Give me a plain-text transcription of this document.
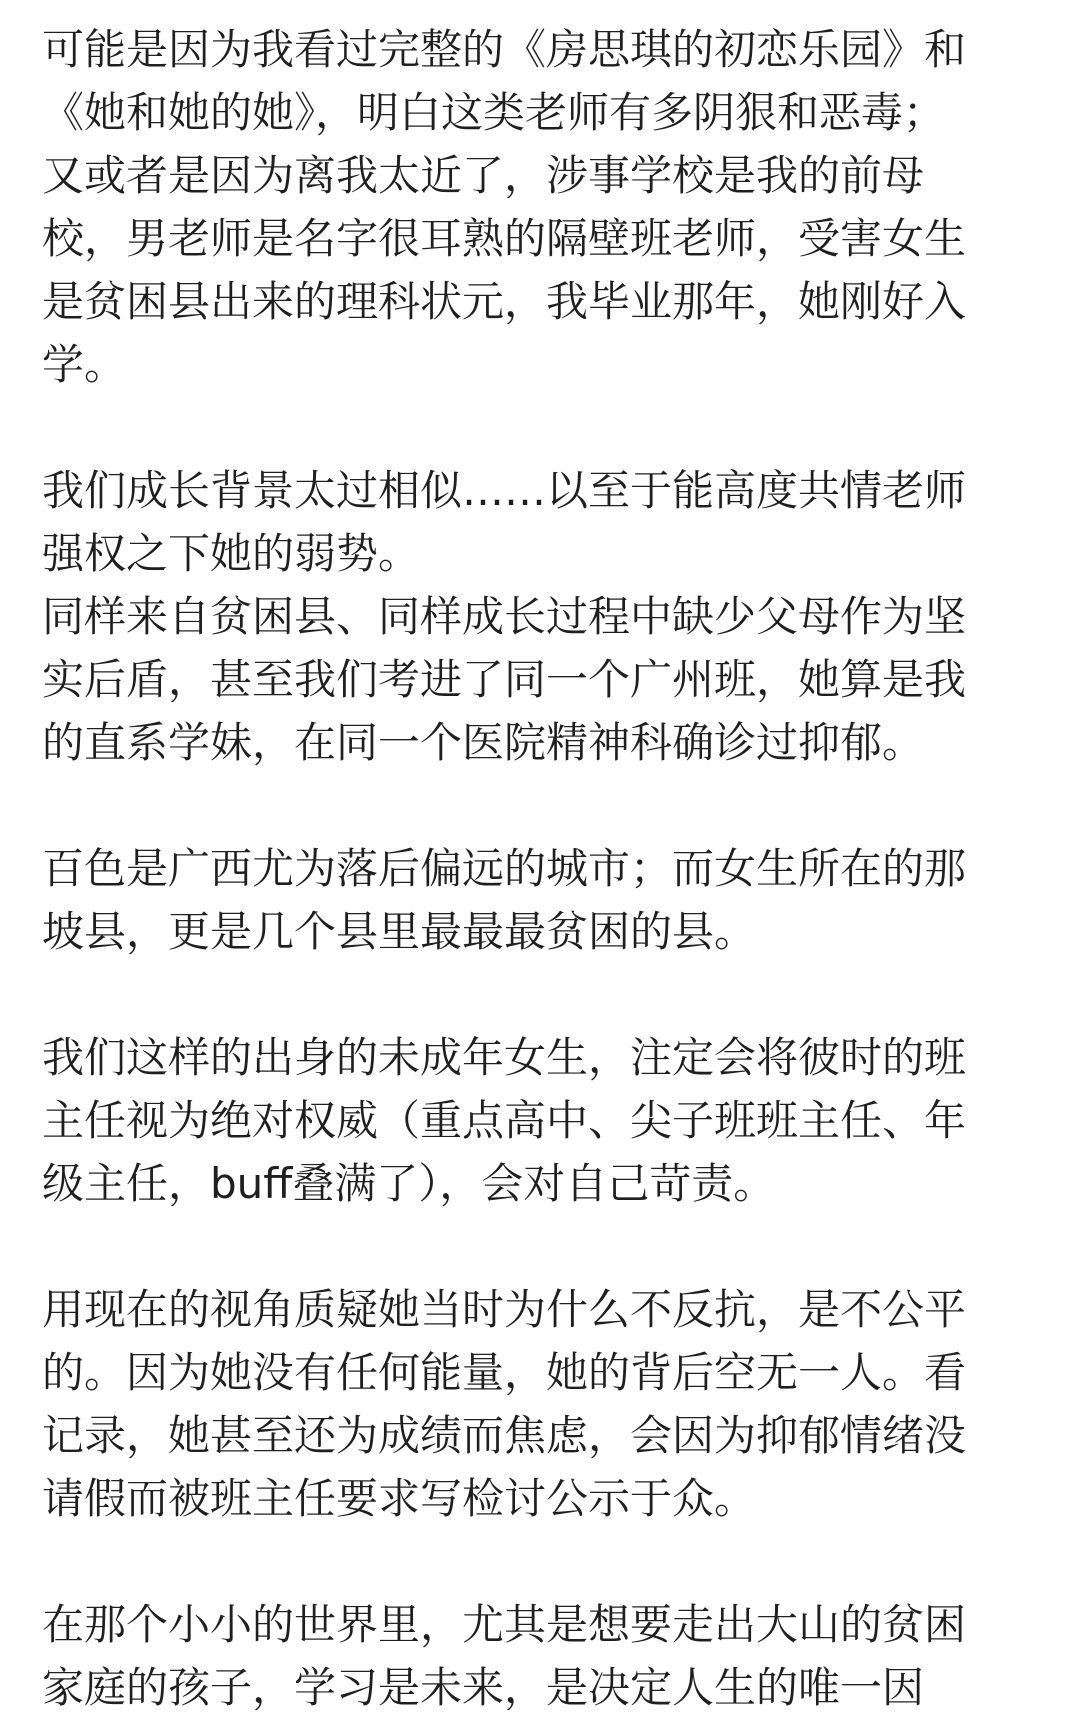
可能是因为我看过完整的《房思琪的初恋乐园》和
《她和她的她》，明白这类老师有多阴狠和恶毒；
又或者是因为离我太近了，涉事学校是我的前母
校，男老师是名字很耳熟的隔壁班老师，受害女生
是贫困县出来的理科状元，我毕业那年，她刚好入
学。
我们成长背景太过相似……以至于能高度共情老师
强权之下她的弱势。
同样来自贫困县、同样成长过程中缺少父母作为坚
实后盾，甚至我们考进了同一个广州班，她算是我
的直系学妹，在同一个医院精神科确诊过抑郁。
百色是广西尤为落后偏远的城市；而女生所在的那
坡县，更是几个县里最最最贫困的县。
我们这样的出身的未成年女生，注定会将彼时的班
主任视为绝对权威（重点高中、尖子班班主任、年
级主任，buff叠满了），会对自己苛责。
用现在的视角质疑她当时为什么不反抗，是不公平
的。因为她没有任何能量，她的背后空无一人。看
记录，她甚至还为成绩而焦虑，会因为抑郁情绪没
请假而被班主任要求写检讨公示于众。
在那个小小的世界里，尤其是想要走出大山的贫困
家庭的孩子，学习是未来，是决定人生的唯一因
